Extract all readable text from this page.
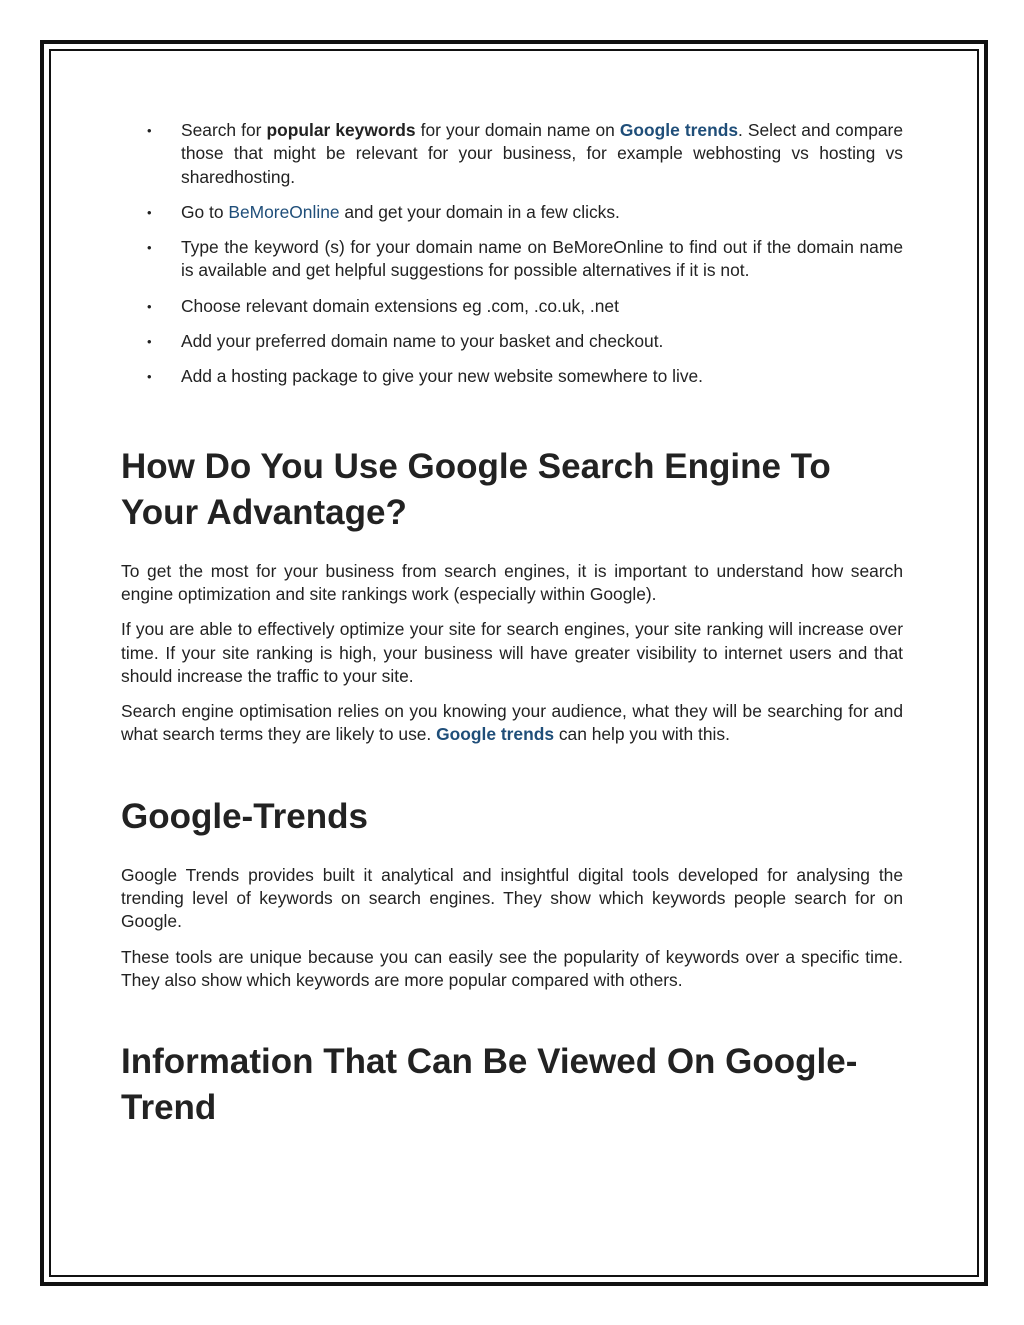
• Search for popular keywords for your domain name on Google trends. Select and compare those that might be relevant for your business, for example webhosting vs hosting vs sharedhosting.
• Go to BeMoreOnline and get your domain in a few clicks.
• Type the keyword (s) for your domain name on BeMoreOnline to find out if the domain name is available and get helpful suggestions for possible alternatives if it is not.
• Choose relevant domain extensions eg .com, .co.uk, .net
• Add your preferred domain name to your basket and checkout.
• Add a hosting package to give your new website somewhere to live.
How Do You Use Google Search Engine To Your Advantage?

To get the most for your business from search engines, it is important to understand how search engine optimization and site rankings work (especially within Google).

If you are able to effectively optimize your site for search engines, your site ranking will increase over time. If your site ranking is high, your business will have greater visibility to internet users and that should increase the traffic to your site.

Search engine optimisation relies on you knowing your audience, what they will be searching for and what search terms they are likely to use. Google trends can help you with this.

Google-Trends

Google Trends provides built it analytical and insightful digital tools developed for analysing the trending level of keywords on search engines. They show which keywords people search for on Google.

These tools are unique because you can easily see the popularity of keywords over a specific time. They also show which keywords are more popular compared with others.

Information That Can Be Viewed On Google-Trend
